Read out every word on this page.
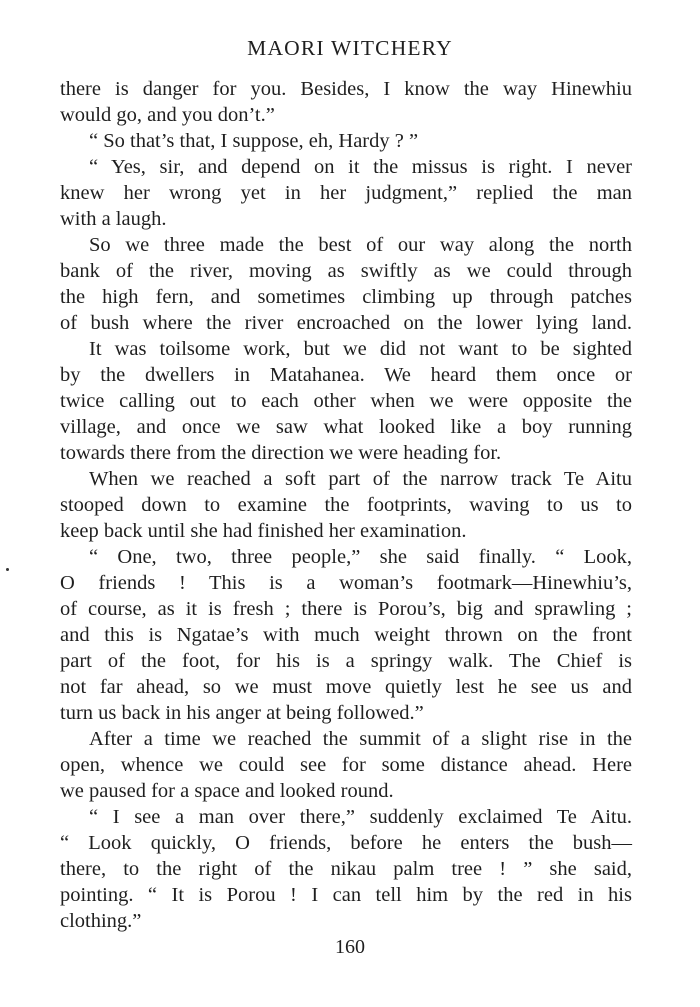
MAORI WITCHERY
there is danger for you. Besides, I know the way Hinewhiu
would go, and you don’t.”
“ So that’s that, I suppose, eh, Hardy ? ”
“ Yes, sir, and depend on it the missus is right. I never
knew her wrong yet in her judgment,” replied the man
with a laugh.
So we three made the best of our way along the north
bank of the river, moving as swiftly as we could through
the high fern, and sometimes climbing up through patches
of bush where the river encroached on the lower lying land.
It was toilsome work, but we did not want to be sighted
by the dwellers in Matahanea. We heard them once or
twice calling out to each other when we were opposite the
village, and once we saw what looked like a boy running
towards there from the direction we were heading for.
When we reached a soft part of the narrow track Te Aitu
stooped down to examine the footprints, waving to us to
keep back until she had finished her examination.
“ One, two, three people,” she said finally. “ Look,
O friends ! This is a woman’s footmark—Hinewhiu’s,
of course, as it is fresh ; there is Porou’s, big and sprawling ;
and this is Ngatae’s with much weight thrown on the front
part of the foot, for his is a springy walk. The Chief is
not far ahead, so we must move quietly lest he see us and
turn us back in his anger at being followed.”
After a time we reached the summit of a slight rise in the
open, whence we could see for some distance ahead. Here
we paused for a space and looked round.
“ I see a man over there,” suddenly exclaimed Te Aitu.
“ Look quickly, O friends, before he enters the bush—
there, to the right of the nikau palm tree ! ” she said,
pointing. “ It is Porou ! I can tell him by the red in his
clothing.”
160
